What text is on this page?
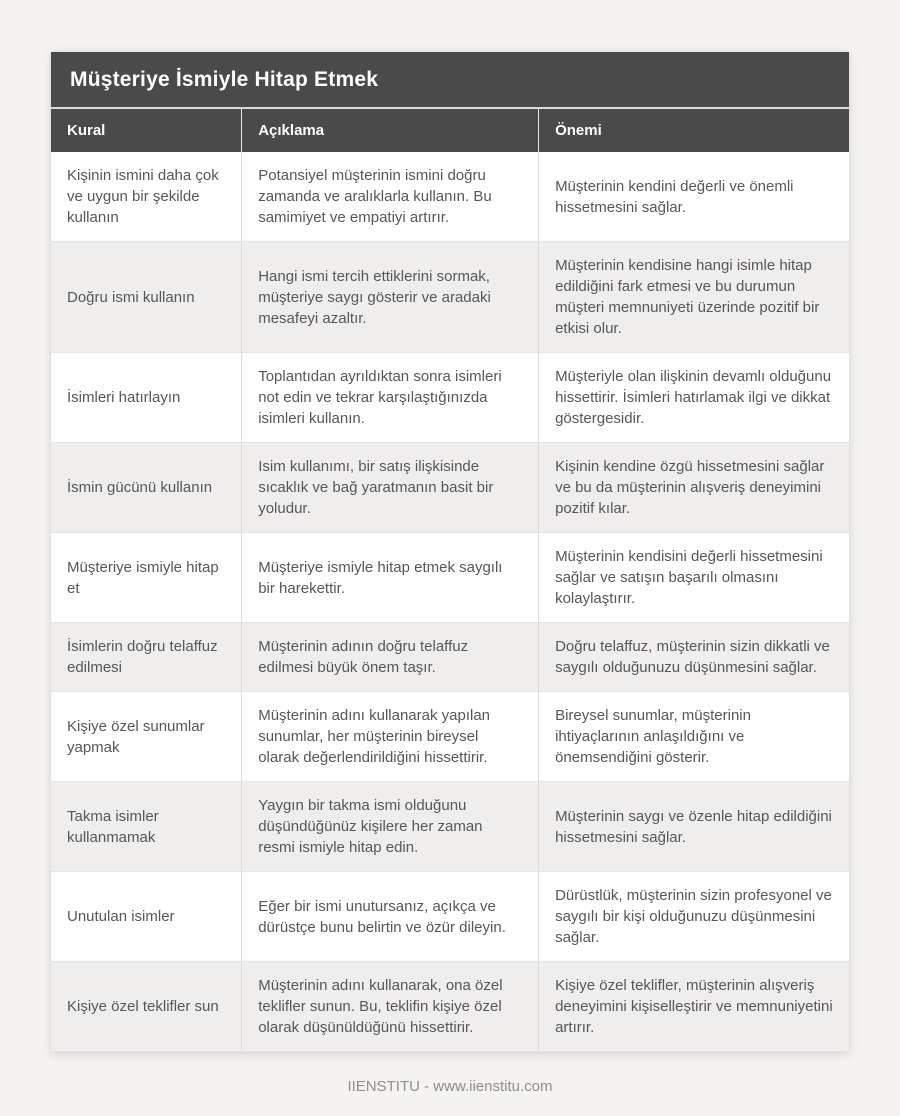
Müşteriye İsmiyle Hitap Etmek
Kural	Açıklama	Önemi
Kişinin ismini daha çok ve uygun bir şekilde kullanın	Potansiyel müşterinin ismini doğru zamanda ve aralıklarla kullanın. Bu samimiyet ve empatiyi artırır.	Müşterinin kendini değerli ve önemli hissetmesini sağlar.
Doğru ismi kullanın	Hangi ismi tercih ettiklerini sormak, müşteriye saygı gösterir ve aradaki mesafeyi azaltır.	Müşterinin kendisine hangi isimle hitap edildiğini fark etmesi ve bu durumun müşteri memnuniyeti üzerinde pozitif bir etkisi olur.
İsimleri hatırlayın	Toplantıdan ayrıldıktan sonra isimleri not edin ve tekrar karşılaştığınızda isimleri kullanın.	Müşteriyle olan ilişkinin devamlı olduğunu hissettirir. İsimleri hatırlamak ilgi ve dikkat göstergesidir.
İsmin gücünü kullanın	Isim kullanımı, bir satış ilişkisinde sıcaklık ve bağ yaratmanın basit bir yoludur.	Kişinin kendine özgü hissetmesini sağlar ve bu da müşterinin alışveriş deneyimini pozitif kılar.
Müşteriye ismiyle hitap et	Müşteriye ismiyle hitap etmek saygılı bir harekettir.	Müşterinin kendisini değerli hissetmesini sağlar ve satışın başarılı olmasını kolaylaştırır.
İsimlerin doğru telaffuz edilmesi	Müşterinin adının doğru telaffuz edilmesi büyük önem taşır.	Doğru telaffuz, müşterinin sizin dikkatli ve saygılı olduğunuzu düşünmesini sağlar.
Kişiye özel sunumlar yapmak	Müşterinin adını kullanarak yapılan sunumlar, her müşterinin bireysel olarak değerlendirildiğini hissettirir.	Bireysel sunumlar, müşterinin ihtiyaçlarının anlaşıldığını ve önemsendiğini gösterir.
Takma isimler kullanmamak	Yaygın bir takma ismi olduğunu düşündüğünüz kişilere her zaman resmi ismiyle hitap edin.	Müşterinin saygı ve özenle hitap edildiğini hissetmesini sağlar.
Unutulan isimler	Eğer bir ismi unutursanız, açıkça ve dürüstçe bunu belirtin ve özür dileyin.	Dürüstlük, müşterinin sizin profesyonel ve saygılı bir kişi olduğunuzu düşünmesini sağlar.
Kişiye özel teklifler sun	Müşterinin adını kullanarak, ona özel teklifler sunun. Bu, teklifin kişiye özel olarak düşünüldüğünü hissettirir.	Kişiye özel teklifler, müşterinin alışveriş deneyimini kişiselleştirir ve memnuniyetini artırır.
IIENSTITU - www.iienstitu.com
